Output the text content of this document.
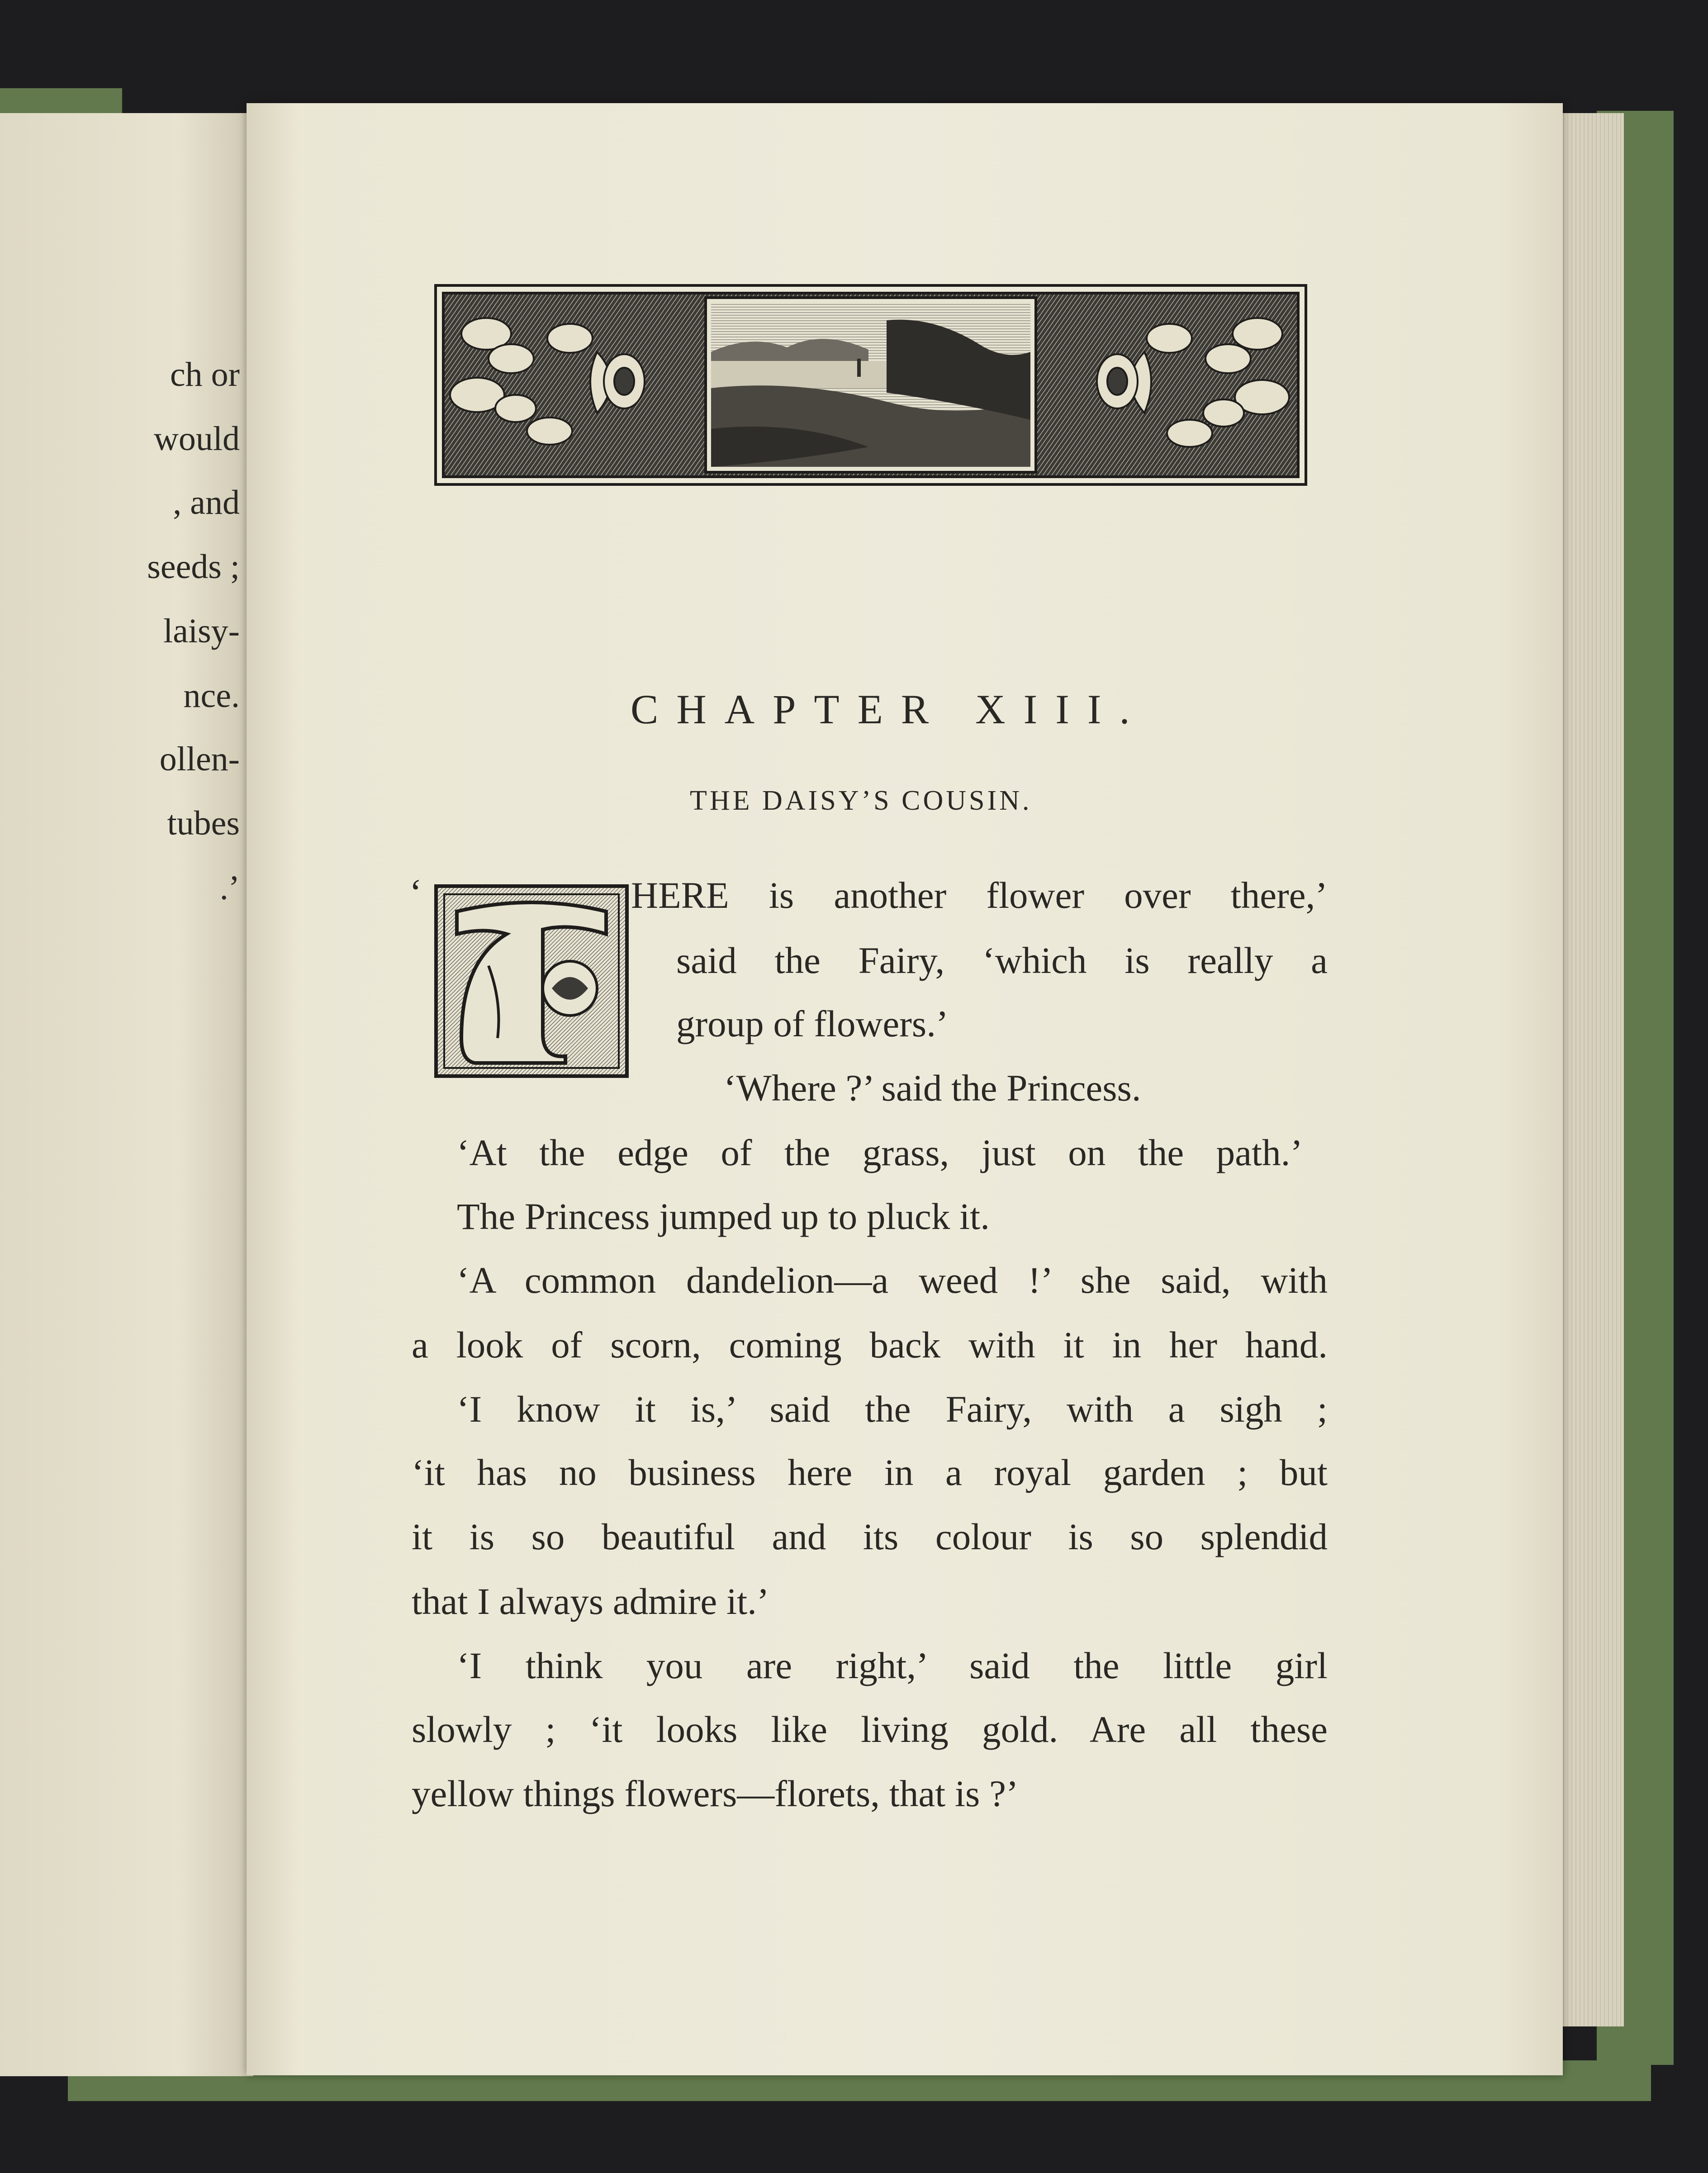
ch or
would
, and
seeds ;
laisy-
nce.
ollen-
tubes
.’
CHAPTER XIII.
THE DAISY’S COUSIN.
‘	HERE is another flower over there,’
said the Fairy, ‘which is really a
group of flowers.’
‘Where ?’ said the Princess.
‘At the edge of the grass, just on the path.’
The Princess jumped up to pluck it.
‘A common dandelion—a weed !’ she said, with
a look of scorn, coming back with it in her hand.
‘I know it is,’ said the Fairy, with a sigh ;
‘it has no business here in a royal garden ; but
it is so beautiful and its colour is so splendid
that I always admire it.’
‘I think you are right,’ said the little girl
slowly ; ‘it looks like living gold. Are all these
yellow things flowers—florets, that is ?’
